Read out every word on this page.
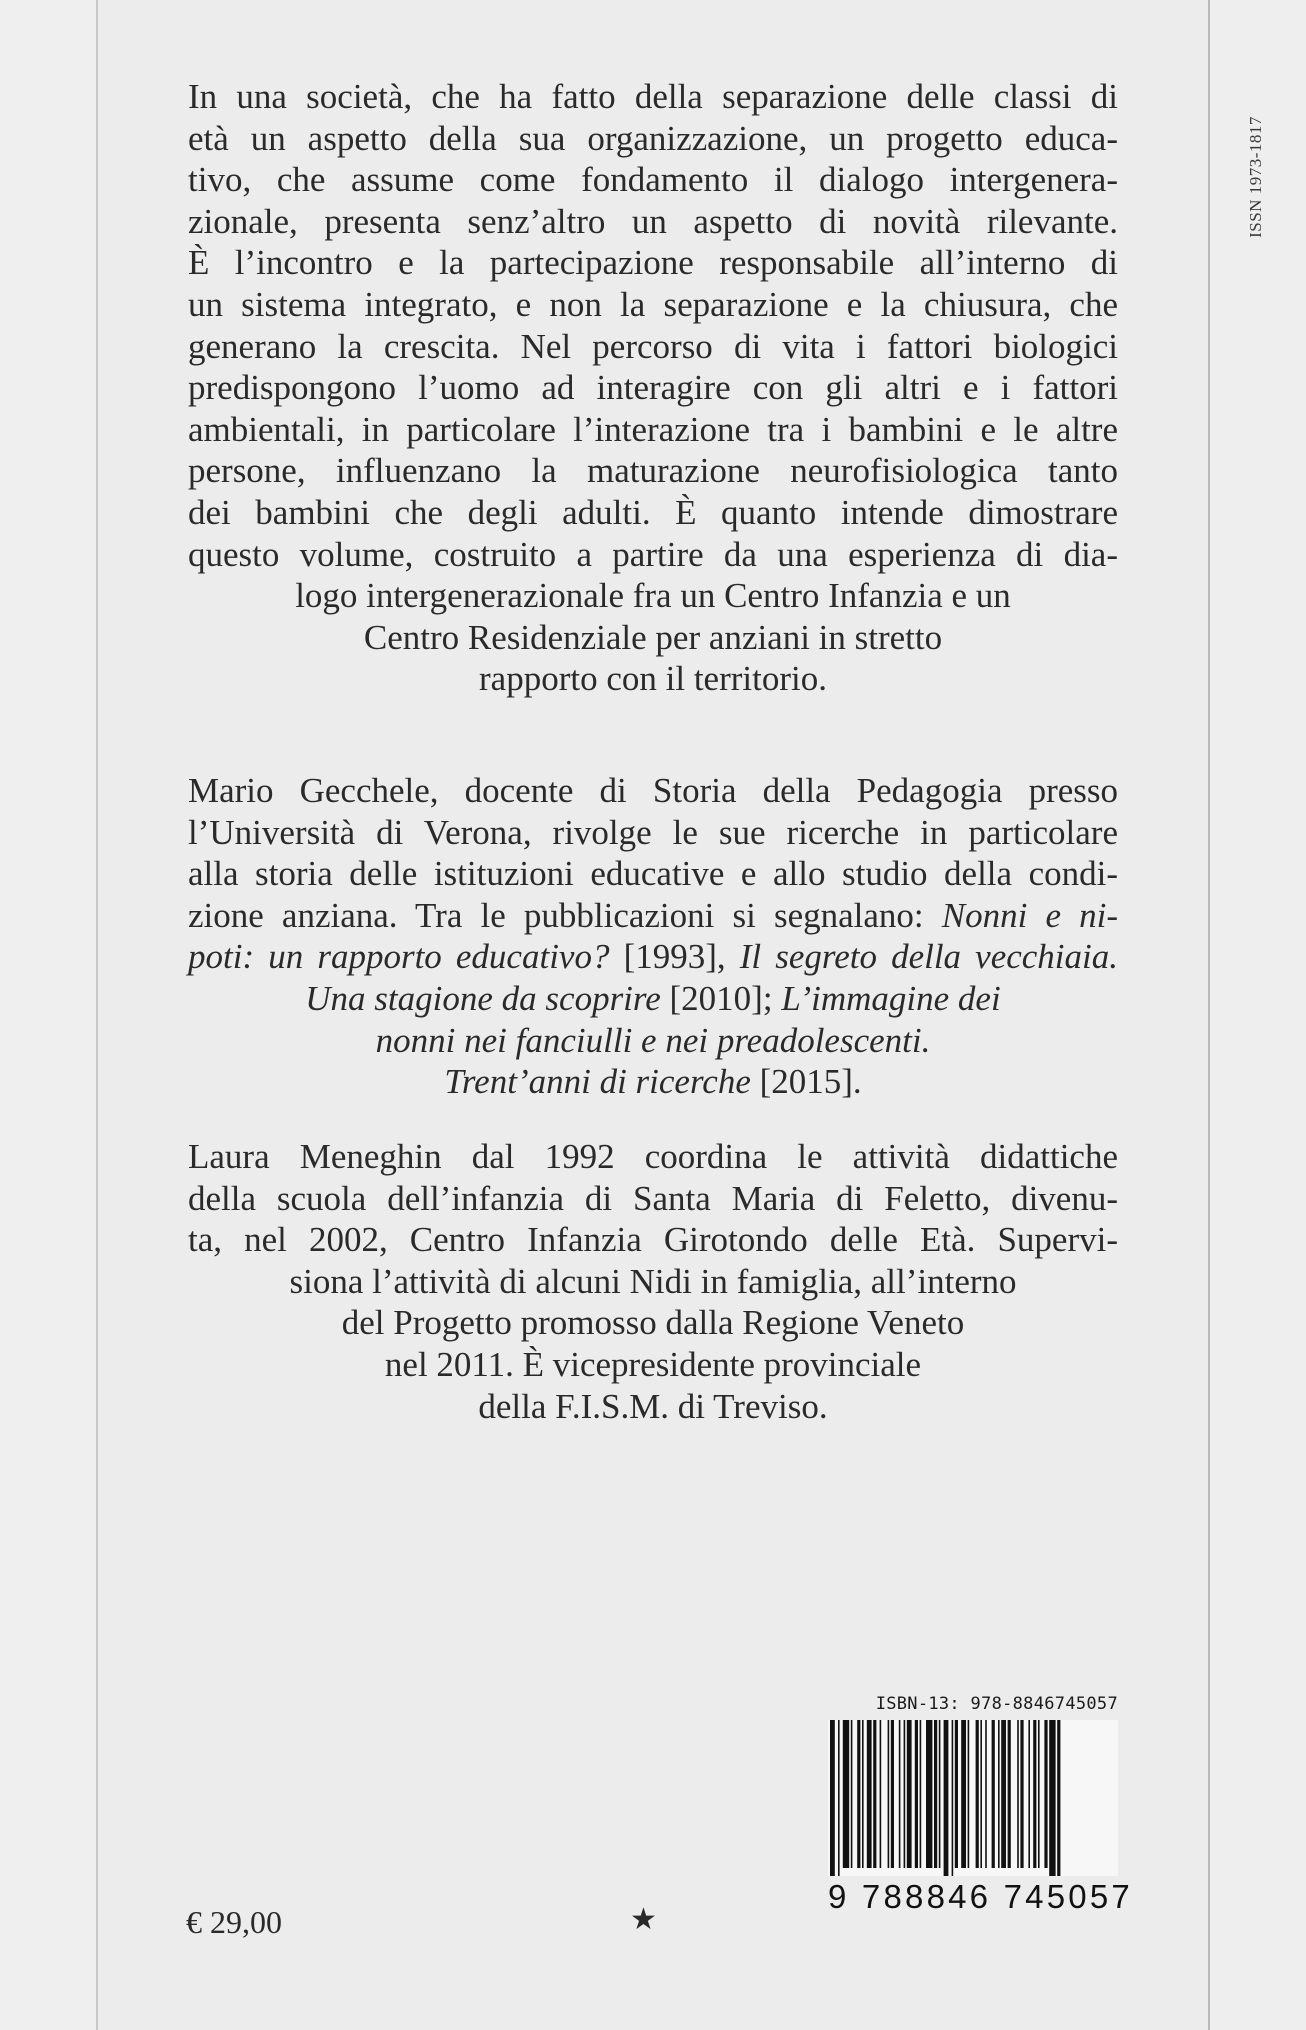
ISSN 1973-1817
In una società, che ha fatto della separazione delle classi di
età un aspetto della sua organizzazione, un progetto educa-
tivo, che assume come fondamento il dialogo intergenera-
zionale, presenta senz’altro un aspetto di novità rilevante.
È l’incontro e la partecipazione responsabile all’interno di
un sistema integrato, e non la separazione e la chiusura, che
generano la crescita. Nel percorso di vita i fattori biologici
predispongono l’uomo ad interagire con gli altri e i fattori
ambientali, in particolare l’interazione tra i bambini e le altre
persone, influenzano la maturazione neurofisiologica tanto
dei bambini che degli adulti. È quanto intende dimostrare
questo volume, costruito a partire da una esperienza di dia-
logo intergenerazionale fra un Centro Infanzia e un
Centro Residenziale per anziani in stretto
rapporto con il territorio.
Mario Gecchele, docente di Storia della Pedagogia presso
l’Università di Verona, rivolge le sue ricerche in particolare
alla storia delle istituzioni educative e allo studio della condi-
zione anziana. Tra le pubblicazioni si segnalano: Nonni e ni-
poti: un rapporto educativo? [1993], Il segreto della vecchiaia.
Una stagione da scoprire [2010]; L’immagine dei
nonni nei fanciulli e nei preadolescenti.
Trent’anni di ricerche [2015].
Laura Meneghin dal 1992 coordina le attività didattiche
della scuola dell’infanzia di Santa Maria di Feletto, divenu-
ta, nel 2002, Centro Infanzia Girotondo delle Età. Supervi-
siona l’attività di alcuni Nidi in famiglia, all’interno
del Progetto promosso dalla Regione Veneto
nel 2011. È vicepresidente provinciale
della F.I.S.M. di Treviso.
€ 29,00	★
ISBN-13: 978-8846745057
9 788846 745057
